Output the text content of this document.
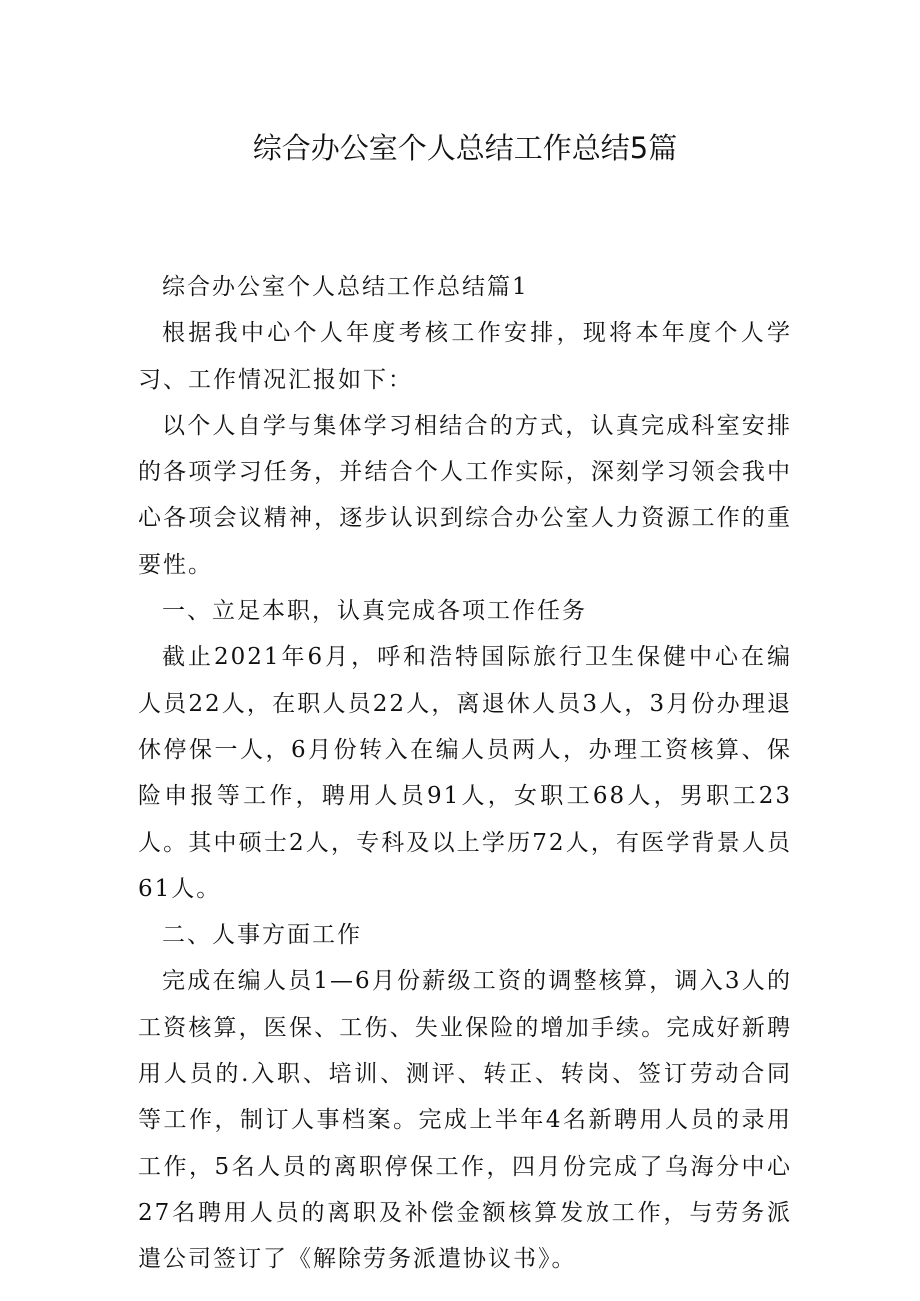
综合办公室个人总结工作总结5篇

综合办公室个人总结工作总结篇1

根据我中心个人年度考核工作安排，现将本年度个人学习、工作情况汇报如下：

以个人自学与集体学习相结合的方式，认真完成科室安排的各项学习任务，并结合个人工作实际，深刻学习领会我中心各项会议精神，逐步认识到综合办公室人力资源工作的重要性。

一、立足本职，认真完成各项工作任务

截止2021年6月，呼和浩特国际旅行卫生保健中心在编人员22人，在职人员22人，离退休人员3人，3月份办理退休停保一人，6月份转入在编人员两人，办理工资核算、保险申报等工作，聘用人员91人，女职工68人，男职工23人。其中硕士2人，专科及以上学历72人，有医学背景人员61人。

二、人事方面工作

完成在编人员1—6月份薪级工资的调整核算，调入3人的工资核算，医保、工伤、失业保险的增加手续。完成好新聘用人员的.入职、培训、测评、转正、转岗、签订劳动合同等工作，制订人事档案。完成上半年4名新聘用人员的录用工作，5名人员的离职停保工作，四月份完成了乌海分中心27名聘用人员的离职及补偿金额核算发放工作，与劳务派遣公司签订了《解除劳务派遣协议书》。
